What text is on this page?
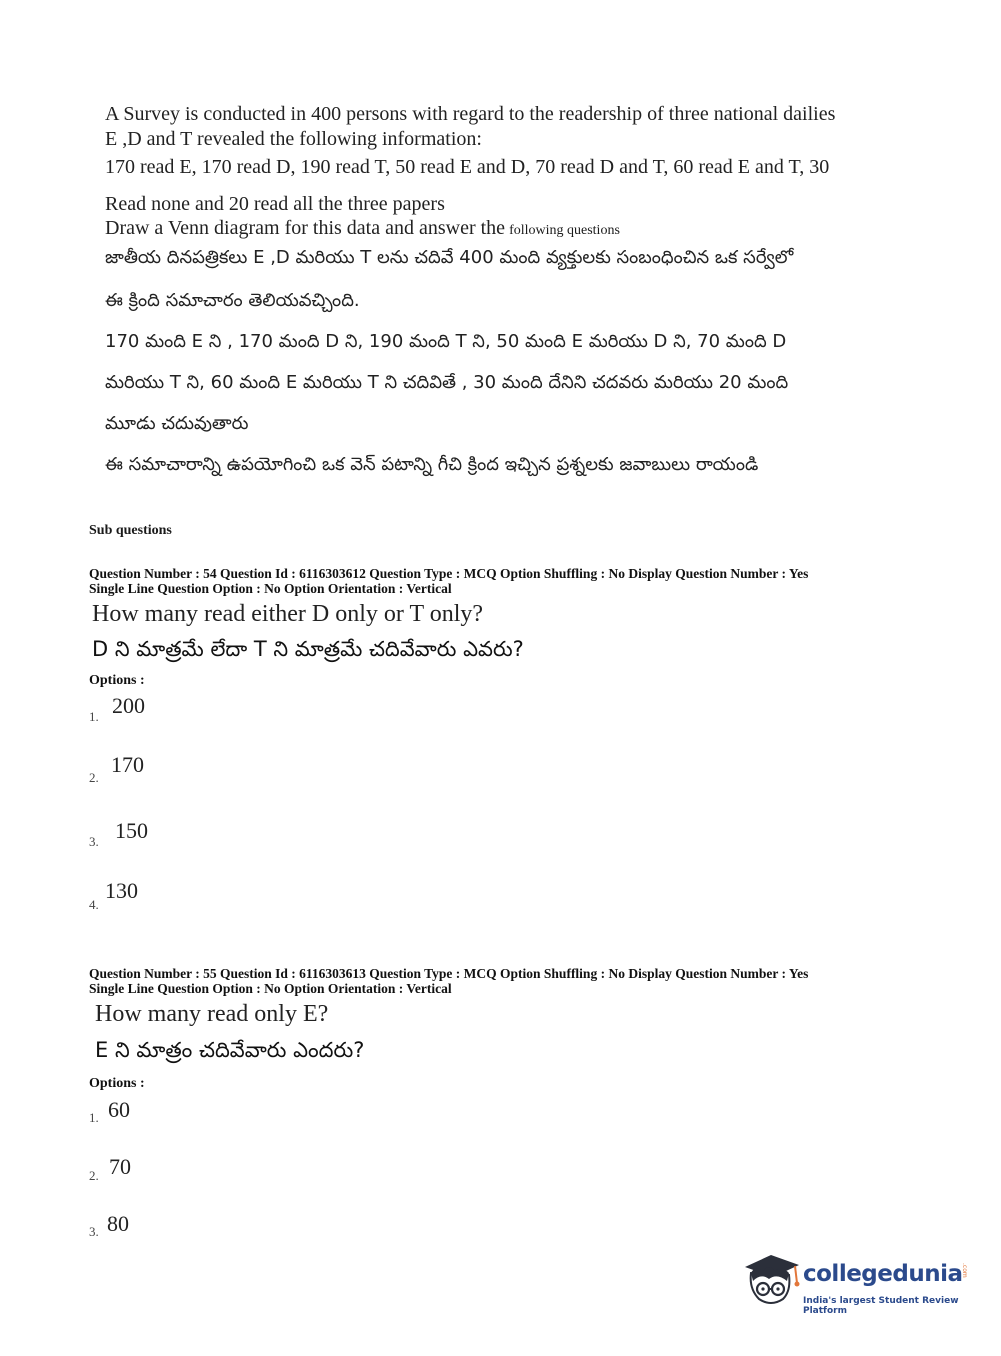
A Survey is conducted in 400 persons with regard to the readership of three national dailies
E ,D and T revealed the following information:
170 read E, 170 read D, 190 read T, 50 read E and D, 70 read D and T, 60 read E and T, 30
Read none and 20 read all the three papers
Draw a Venn diagram for this data and answer the following questions
జాతీయ దినపత్రికలు E ,D మరియు T లను చదివే 400 మంది వ్యక్తులకు సంబంధించిన ఒక సర్వేలో
ఈ క్రింది సమాచారం తెలియవచ్చింది.
170 మంది E ని , 170 మంది D ని, 190 మంది T ని, 50 మంది E మరియు D ని, 70 మంది D
మరియు T ని, 60 మంది E మరియు T ని చదివితే , 30 మంది దేనిని చదవరు మరియు 20 మంది
మూడు చదువుతారు
ఈ సమాచారాన్ని ఉపయోగించి ఒక వెన్ పటాన్ని గీచి క్రింద ఇచ్చిన ప్రశ్నలకు జవాబులు రాయండి
Sub questions
Question Number : 54 Question Id : 6116303612 Question Type : MCQ Option Shuffling : No Display Question Number : Yes
Single Line Question Option : No Option Orientation : Vertical
How many read either D only or T only?
D ని మాత్రమే లేదా T ని మాత్రమే చదివేవారు ఎవరు?
Options :
1. 200
2.
170
3. 150
4.
130
Question Number : 55 Question Id : 6116303613 Question Type : MCQ Option Shuffling : No Display Question Number : Yes
Single Line Question Option : No Option Orientation : Vertical
How many read only E?
E ని మాత్రం చదివేవారు ఎందరు?
Options :
1. 60
2. 70
3. 80
collegedunia
.com
India's largest Student Review Platform
